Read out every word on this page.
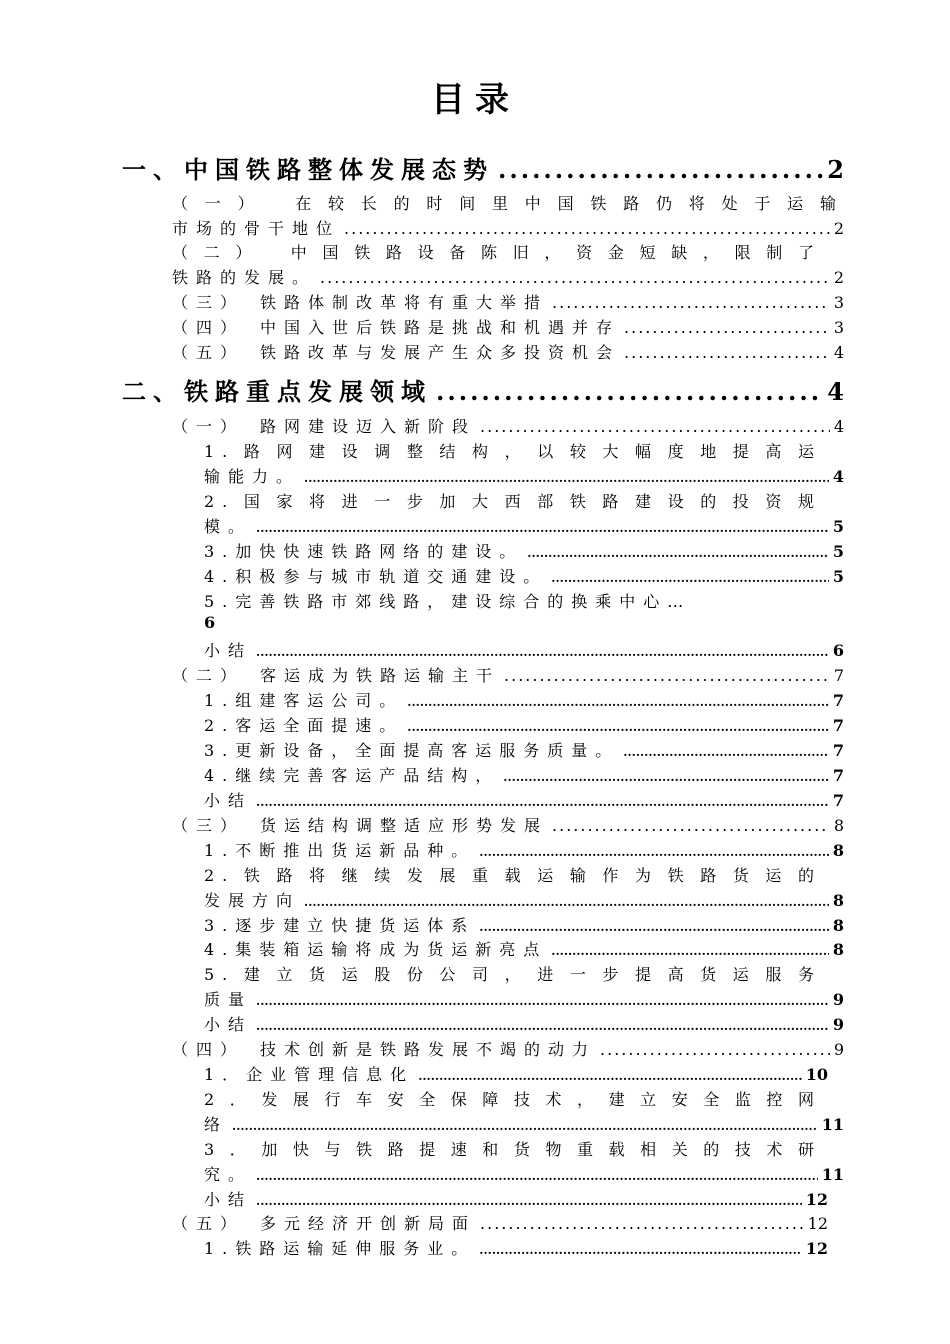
目录
一、中国铁路整体发展态势 .....	2
（一）　在较长的时间里中国铁路仍将处于运输
市场的骨干地位 .....	2
（二）　中国铁路设备陈旧，资金短缺，限制了
铁路的发展。 .....	2
（三）　铁路体制改革将有重大举措 .....	3
（四）　中国入世后铁路是挑战和机遇并存 .....	3
（五）　铁路改革与发展产生众多投资机会 .....	4
二、铁路重点发展领域 .....	4
（一）　路网建设迈入新阶段 .....	4
1.路网建设调整结构，以较大幅度地提高运
输能力。 .....	4
2.国家将进一步加大西部铁路建设的投资规
模。 .....	5
3.加快快速铁路网络的建设。 .....	5
4.积极参与城市轨道交通建设。 .....	5
5.完善铁路市郊线路，建设综合的换乘中心 …
6
小结 .....	6
（二）　客运成为铁路运输主干 .....	7
1.组建客运公司。 .....	7
2.客运全面提速。 .....	7
3.更新设备，全面提高客运服务质量。 .....	7
4.继续完善客运产品结构， .....	7
小结 .....	7
（三）　货运结构调整适应形势发展 .....	8
1.不断推出货运新品种。 .....	8
2.铁路将继续发展重载运输作为铁路货运的
发展方向 .....	8
3.逐步建立快捷货运体系 .....	8
4.集装箱运输将成为货运新亮点 .....	8
5.建立货运股份公司，进一步提高货运服务
质量 .....	9
小结 .....	9
（四）　技术创新是铁路发展不竭的动力 .....	9
1．企业管理信息化 .....	10
2．发展行车安全保障技术，建立安全监控网
络 .....	11
3．加快与铁路提速和货物重载相关的技术研
究。 .....	11
小结 .....	12
（五）　多元经济开创新局面 .....	12
1.铁路运输延伸服务业。 .....	12
